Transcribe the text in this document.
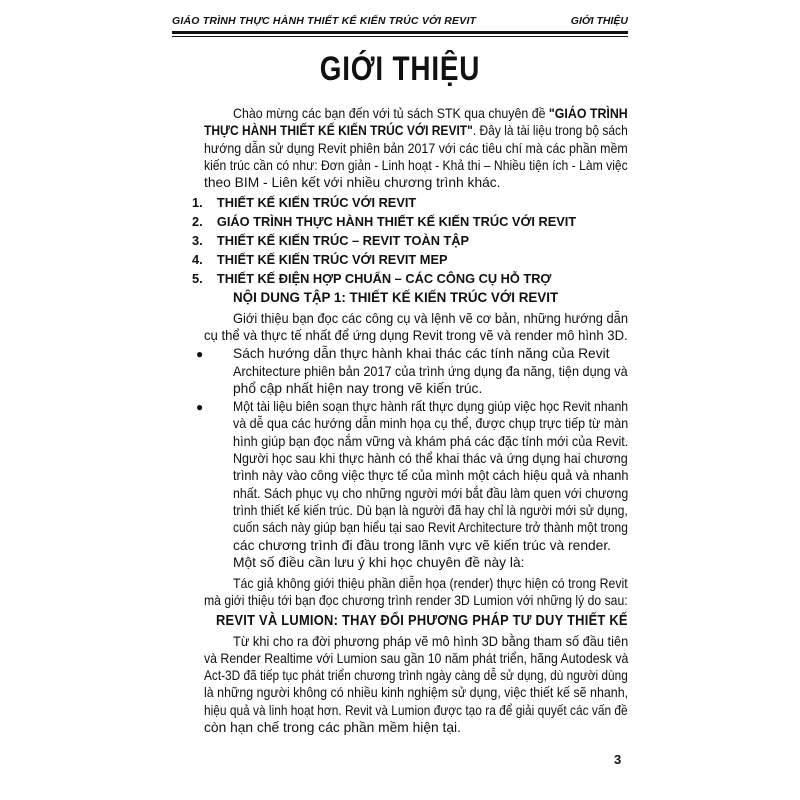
GIÁO TRÌNH THỰC HÀNH THIẾT KẾ KIẾN TRÚC VỚI REVIT	GIỚI THIỆU
GIỚI THIỆU
Chào mừng các bạn đến với tủ sách STK qua chuyên đề "GIÁO TRÌNH
THỰC HÀNH THIẾT KẾ KIẾN TRÚC VỚI REVIT". Đây là tài liệu trong bộ sách
hướng dẫn sử dụng Revit phiên bản 2017 với các tiêu chí mà các phần mềm
kiến trúc cần có như: Đơn giản - Linh hoạt - Khả thi – Nhiều tiện ích - Làm việc
theo BIM - Liên kết với nhiều chương trình khác.
1. THIẾT KẾ KIẾN TRÚC VỚI REVIT
2. GIÁO TRÌNH THỰC HÀNH THIẾT KẾ KIẾN TRÚC VỚI REVIT
3. THIẾT KẾ KIẾN TRÚC – REVIT TOÀN TẬP
4. THIẾT KẾ KIẾN TRÚC VỚI REVIT MEP
5. THIẾT KẾ ĐIỆN HỢP CHUẨN – CÁC CÔNG CỤ HỖ TRỢ
NỘI DUNG TẬP 1: THIẾT KẾ KIẾN TRÚC VỚI REVIT
Giới thiệu bạn đọc các công cụ và lệnh vẽ cơ bản, những hướng dẫn
cụ thể và thực tế nhất để ứng dụng Revit trong vẽ và render mô hình 3D.
● Sách hướng dẫn thực hành khai thác các tính năng của Revit
Architecture phiên bản 2017 của trình ứng dụng đa năng, tiện dụng và
phổ cập nhất hiện nay trong vẽ kiến trúc.
● Một tài liệu biên soạn thực hành rất thực dụng giúp việc học Revit nhanh
và dễ qua các hướng dẫn minh họa cụ thể, được chụp trực tiếp từ màn
hình giúp bạn đọc nắm vững và khám phá các đặc tính mới của Revit.
Người học sau khi thực hành có thể khai thác và ứng dụng hai chương
trình này vào công việc thực tế của mình một cách hiệu quả và nhanh
nhất. Sách phục vụ cho những người mới bắt đầu làm quen với chương
trình thiết kế kiến trúc. Dù bạn là người đã hay chỉ là người mới sử dụng,
cuốn sách này giúp bạn hiểu tại sao Revit Architecture trở thành một trong
các chương trình đi đầu trong lãnh vực vẽ kiến trúc và render.
Một số điều cần lưu ý khi học chuyên đề này là:
Tác giả không giới thiệu phần diễn họa (render) thực hiện có trong Revit
mà giới thiệu tới bạn đọc chương trình render 3D Lumion với những lý do sau:
REVIT VÀ LUMION: THAY ĐỔI PHƯƠNG PHÁP TƯ DUY THIẾT KẾ
Từ khi cho ra đời phương pháp vẽ mô hình 3D bằng tham số đầu tiên
và Render Realtime với Lumion sau gần 10 năm phát triển, hãng Autodesk và
Act-3D đã tiếp tục phát triển chương trình ngày càng dễ sử dụng, dù người dùng
là những người không có nhiều kinh nghiệm sử dụng, việc thiết kế sẽ nhanh,
hiệu quả và linh hoạt hơn. Revit và Lumion được tạo ra để giải quyết các vấn đề
còn hạn chế trong các phần mềm hiện tại.
3
